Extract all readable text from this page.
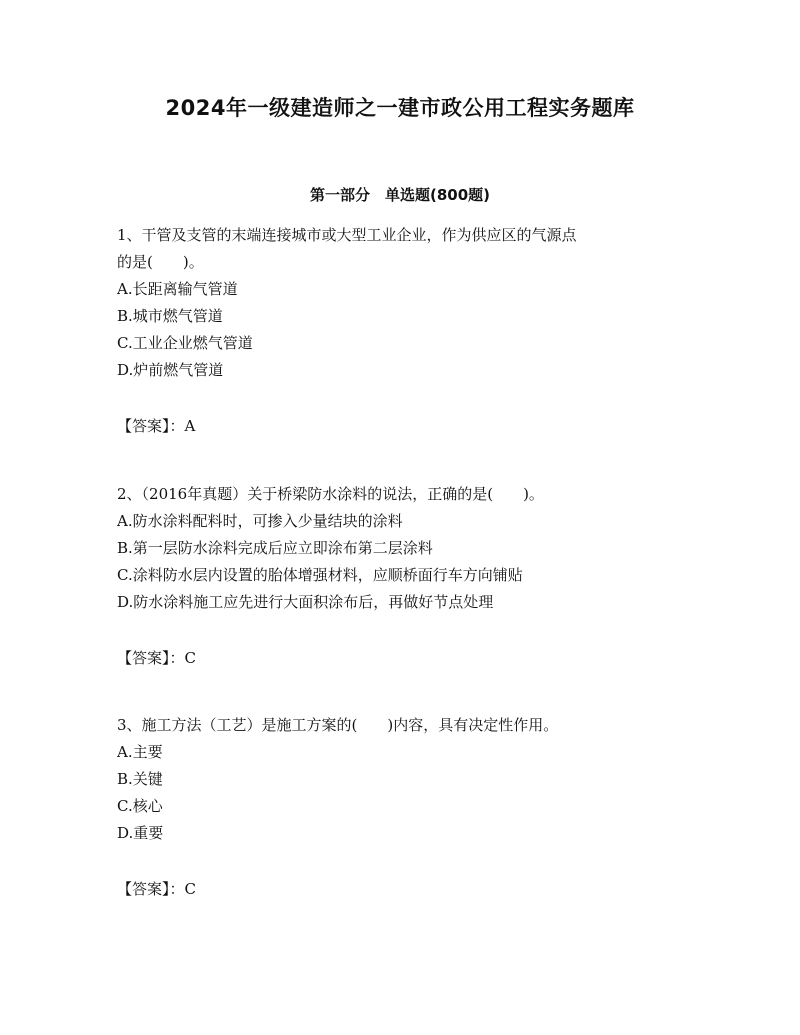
2024年一级建造师之一建市政公用工程实务题库
第一部分　单选题(800题)
1、干管及支管的末端连接城市或大型工业企业，作为供应区的气源点
的是(　　)。
A.长距离输气管道
B.城市燃气管道
C.工业企业燃气管道
D.炉前燃气管道
【答案】：A
2、（2016年真题）关于桥梁防水涂料的说法，正确的是(　　)。
A.防水涂料配料时，可掺入少量结块的涂料
B.第一层防水涂料完成后应立即涂布第二层涂料
C.涂料防水层内设置的胎体增强材料，应顺桥面行车方向铺贴
D.防水涂料施工应先进行大面积涂布后，再做好节点处理
【答案】：C
3、施工方法（工艺）是施工方案的(　　)内容，具有决定性作用。
A.主要
B.关键
C.核心
D.重要
【答案】：C
